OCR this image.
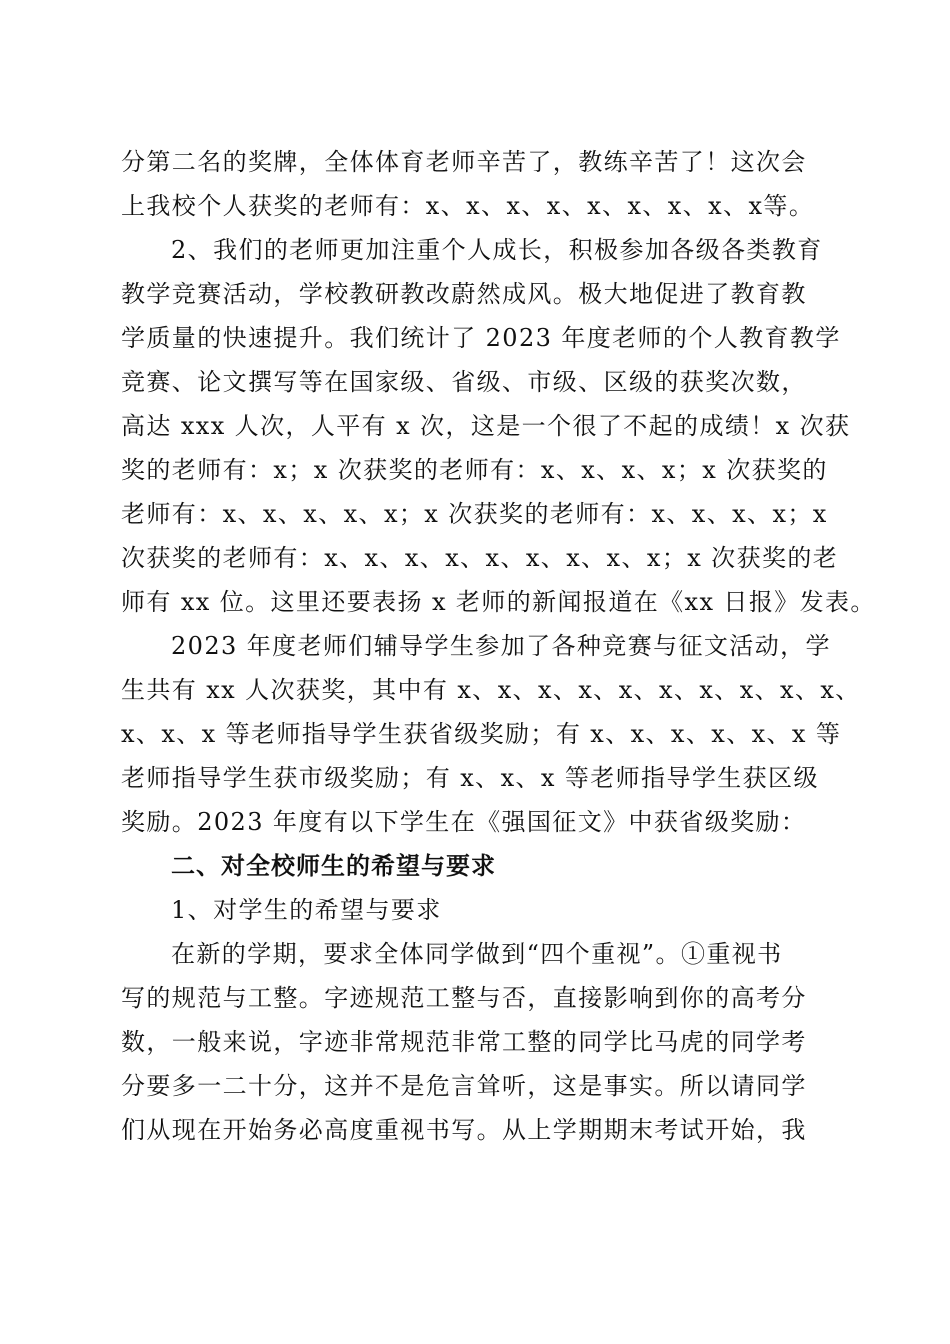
分第二名的奖牌，全体体育老师辛苦了，教练辛苦了！这次会
上我校个人获奖的老师有：x、x、x、x、x、x、x、x、x等。
2、我们的老师更加注重个人成长，积极参加各级各类教育
教学竞赛活动，学校教研教改蔚然成风。极大地促进了教育教
学质量的快速提升。我们统计了 2023 年度老师的个人教育教学
竞赛、论文撰写等在国家级、省级、市级、区级的获奖次数，
高达 xxx 人次，人平有 x 次，这是一个很了不起的成绩！x 次获
奖的老师有：x；x 次获奖的老师有：x、x、x、x；x 次获奖的
老师有：x、x、x、x、x；x 次获奖的老师有：x、x、x、x；x
次获奖的老师有：x、x、x、x、x、x、x、x、x；x 次获奖的老
师有 xx 位。这里还要表扬 x 老师的新闻报道在《xx 日报》发表。
2023 年度老师们辅导学生参加了各种竞赛与征文活动，学
生共有 xx 人次获奖，其中有 x、x、x、x、x、x、x、x、x、x、
x、x、x 等老师指导学生获省级奖励；有 x、x、x、x、x、x 等
老师指导学生获市级奖励；有 x、x、x 等老师指导学生获区级
奖励。2023 年度有以下学生在《强国征文》中获省级奖励：
二、对全校师生的希望与要求
1、对学生的希望与要求
在新的学期，要求全体同学做到“四个重视”。①重视书
写的规范与工整。字迹规范工整与否，直接影响到你的高考分
数，一般来说，字迹非常规范非常工整的同学比马虎的同学考
分要多一二十分，这并不是危言耸听，这是事实。所以请同学
们从现在开始务必高度重视书写。从上学期期末考试开始，我
